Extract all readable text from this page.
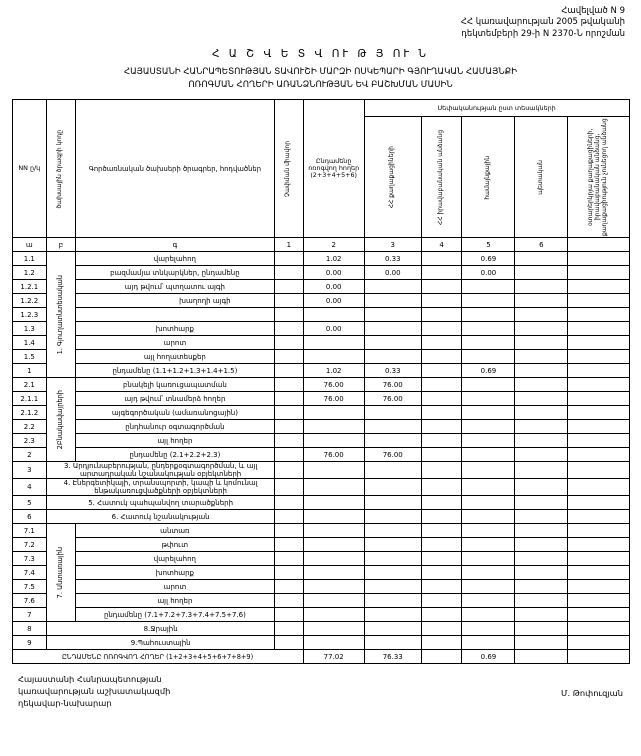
Հավելված N 9
ՀՀ կառավարության 2005 թվականի
դեկտեմբերի 29-ի N 2370-Ն որոշման
Հ Ա Շ Վ Ե Տ Վ ՈՒ Թ Յ ՈՒ Ն
ՀԱՅԱՍՏԱՆԻ ՀԱՆՐԱՊԵՏՈՒԹՅԱՆ ՏԱՎՈՒՇԻ ՄԱՐԶԻ ՈՍԿԵՊԱՐԻ ԳՅՈՒՂԱԿԱՆ ՀԱՄԱՅՆՔԻ
ՈՌՈԳՄԱՆ ՀՈՂԵՐԻ ԱՌԱՆՁՆՈՒԹՅԱՆ ԵՎ ԲԱՇԽՄԱՆ ՄԱՍԻՆ
NN ը/կ	ծախսային ծրագրի կոդը	Գործառնական ծախսերի ծրագրեր, հոդվածներ	Չափման միավոր	Ընդամենը ոռոգվող հողեր (2+3+4+5+6)	Սեփականության ըստ տեսակների				

					ՀՀ քաղաքացիների	ՀՀ իրավաբանական անձանց	համայնքային	պետական	օտարերկրյա քաղաքացիների, իրավաբանական անձանց, քաղաքացիություն չունեցող անձանց

ա	բ	գ	1	2	3	4	5	6	
1.1	1. Գյուղատնտեսական	վարելահող		1.02	0.33		0.69		
1.2		բազմամյա տնկարկներ, ընդամենը		0.00	0.00		0.00		
1.2.1		այդ թվում՝ պտղատու այգի		0.00					
1.2.2		խաղողի այգի		0.00					
1.2.3									
1.3		խոտհարք		0.00					
1.4		արոտ							
1.5		այլ հողատեսքեր							
1		ընդամենը (1.1+1.2+1.3+1.4+1.5)		1.02	0.33		0.69		
2.1	2Բնակավայրերի	բնակելի կառուցապատման		76.00	76.00				
2.1.1		այդ թվում՝ տնամերձ հողեր		76.00	76.00				
2.1.2		այգեգործական (ամառանոցային)							
2.2		ընդհանուր օգտագործման							
2.3		այլ հողեր							
2		ընդամենը (2.1+2.2+2.3)		76.00	76.00				
3	3. Արդյունաբերության, ընդերքօգտագործման, և այլ արտադրական նշանակության օբյեկտների								
4	4. Էներգետիկայի, տրանսպորտի, կապի և կոմունալ ենթակառուցվածքների օբյեկտների								
5	5. Հատուկ պահպանվող տարածքների								
6	6. Հատուկ նշանակության								
7.1	7. Անտառային	անտառ							
7.2		թփուտ							
7.3		վարելահող							
7.4		խոտհարք							
7.5		արոտ							
7.6		այլ հողեր							
7		ընդամենը (7.1+7.2+7.3+7.4+7.5+7.6)							
8	8.Ջրային								
9	9.Պահուստային								
ԸՆԴԱՄԵՆԸ ՈՌՈԳՎՈՂ ՀՈՂԵՐ (1+2+3+4+5+6+7+8+9)				77.02	76.33		0.69		
Հայաստանի Հանրապետության
կառավարության աշխատակազմի
ղեկավար-նախարար
Մ. Թոփուզյան
